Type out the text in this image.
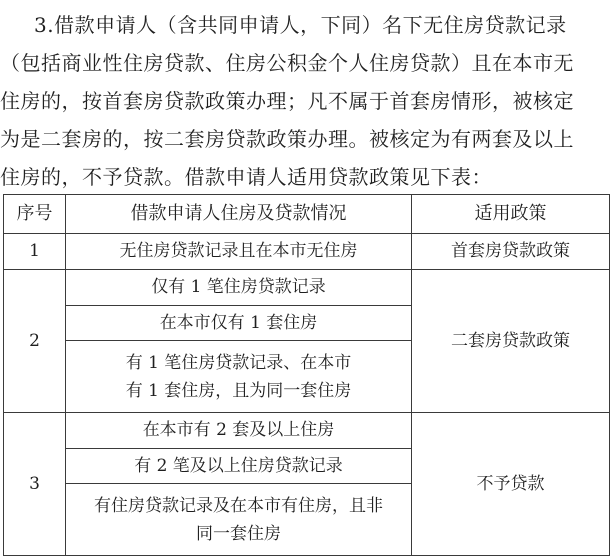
3.借款申请人（含共同申请人，下同）名下无住房贷款记录
（包括商业性住房贷款、住房公积金个人住房贷款）且在本市无
住房的，按首套房贷款政策办理；凡不属于首套房情形，被核定
为是二套房的，按二套房贷款政策办理。被核定为有两套及以上
住房的，不予贷款。借款申请人适用贷款政策见下表：
序号	借款申请人住房及贷款情况	适用政策
1	无住房贷款记录且在本市无住房	首套房贷款政策
2	仅有 1 笔住房贷款记录	二套房贷款政策
	在本市仅有 1 套住房	

	有 1 笔住房贷款记录、在本市
有 1 套住房，且为同一套住房	

3	在本市有 2 套及以上住房	不予贷款
	有 2 笔及以上住房贷款记录	

	有住房贷款记录及在本市有住房，且非
同一套住房	
